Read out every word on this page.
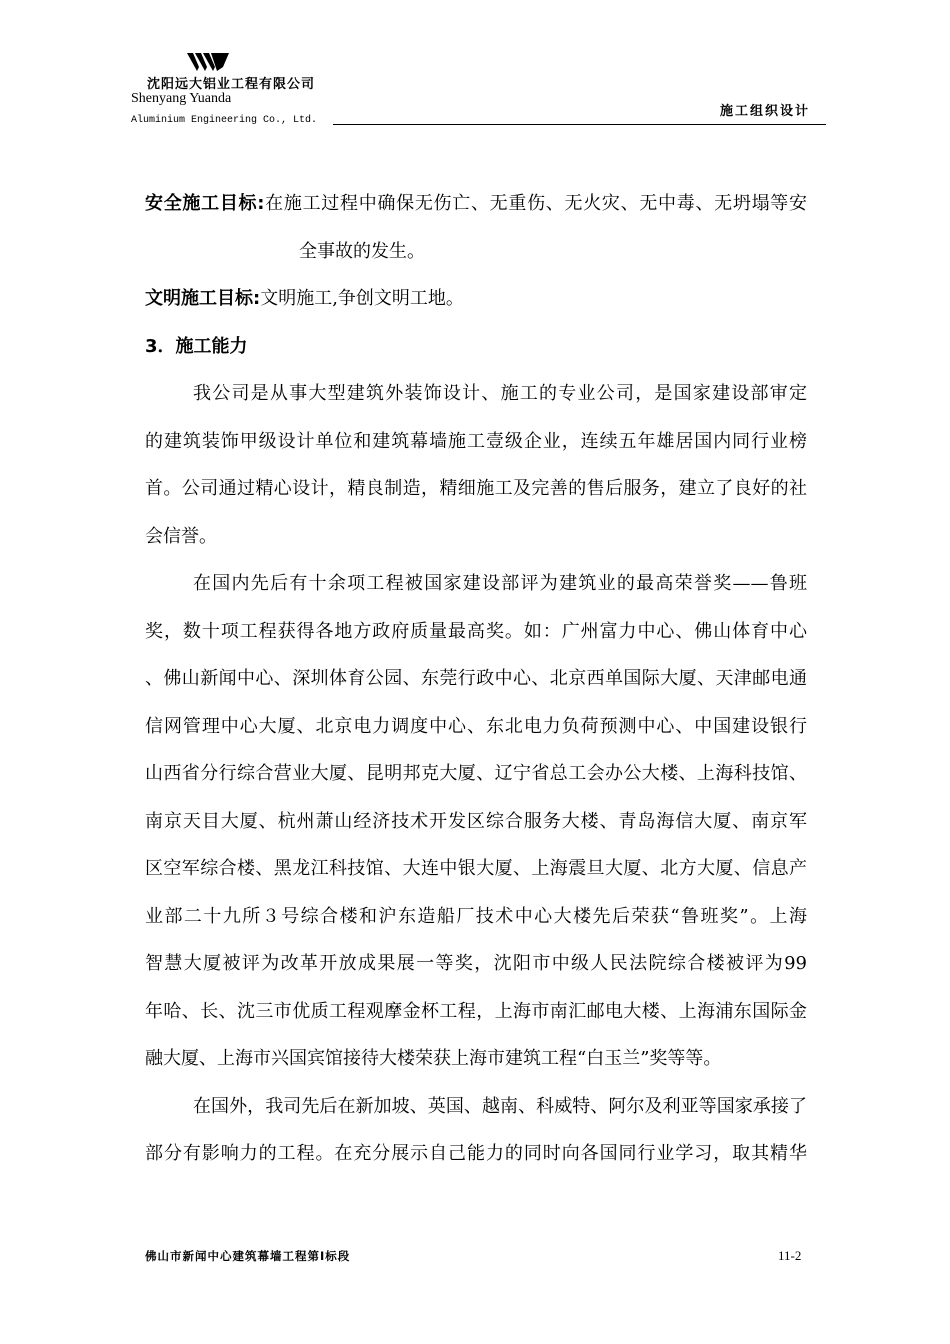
沈阳远大铝业工程有限公司
Shenyang Yuanda
Aluminium Engineering Co., Ltd.
施工组织设计
安全施工目标:在施工过程中确保无伤亡、无重伤、无火灾、无中毒、无坍塌等安
全事故的发生。
文明施工目标:文明施工,争创文明工地。
3．施工能力
我公司是从事大型建筑外装饰设计、施工的专业公司，是国家建设部审定
的建筑装饰甲级设计单位和建筑幕墙施工壹级企业，连续五年雄居国内同行业榜
首。公司通过精心设计，精良制造，精细施工及完善的售后服务，建立了良好的社
会信誉。
在国内先后有十余项工程被国家建设部评为建筑业的最高荣誉奖——鲁班
奖，数十项工程获得各地方政府质量最高奖。如：广州富力中心、佛山体育中心
、佛山新闻中心、深圳体育公园、东莞行政中心、北京西单国际大厦、天津邮电通
信网管理中心大厦、北京电力调度中心、东北电力负荷预测中心、中国建设银行
山西省分行综合营业大厦、昆明邦克大厦、辽宁省总工会办公大楼、上海科技馆、
南京天目大厦、杭州萧山经济技术开发区综合服务大楼、青岛海信大厦、南京军
区空军综合楼、黑龙江科技馆、大连中银大厦、上海震旦大厦、北方大厦、信息产
业部二十九所３号综合楼和沪东造船厂技术中心大楼先后荣获“鲁班奖”。上海
智慧大厦被评为改革开放成果展一等奖，沈阳市中级人民法院综合楼被评为99
年哈、长、沈三市优质工程观摩金杯工程，上海市南汇邮电大楼、上海浦东国际金
融大厦、上海市兴国宾馆接待大楼荣获上海市建筑工程“白玉兰”奖等等。
在国外，我司先后在新加坡、英国、越南、科威特、阿尔及利亚等国家承接了
部分有影响力的工程。在充分展示自己能力的同时向各国同行业学习，取其精华
佛山市新闻中心建筑幕墙工程第Ⅰ标段	11-2
